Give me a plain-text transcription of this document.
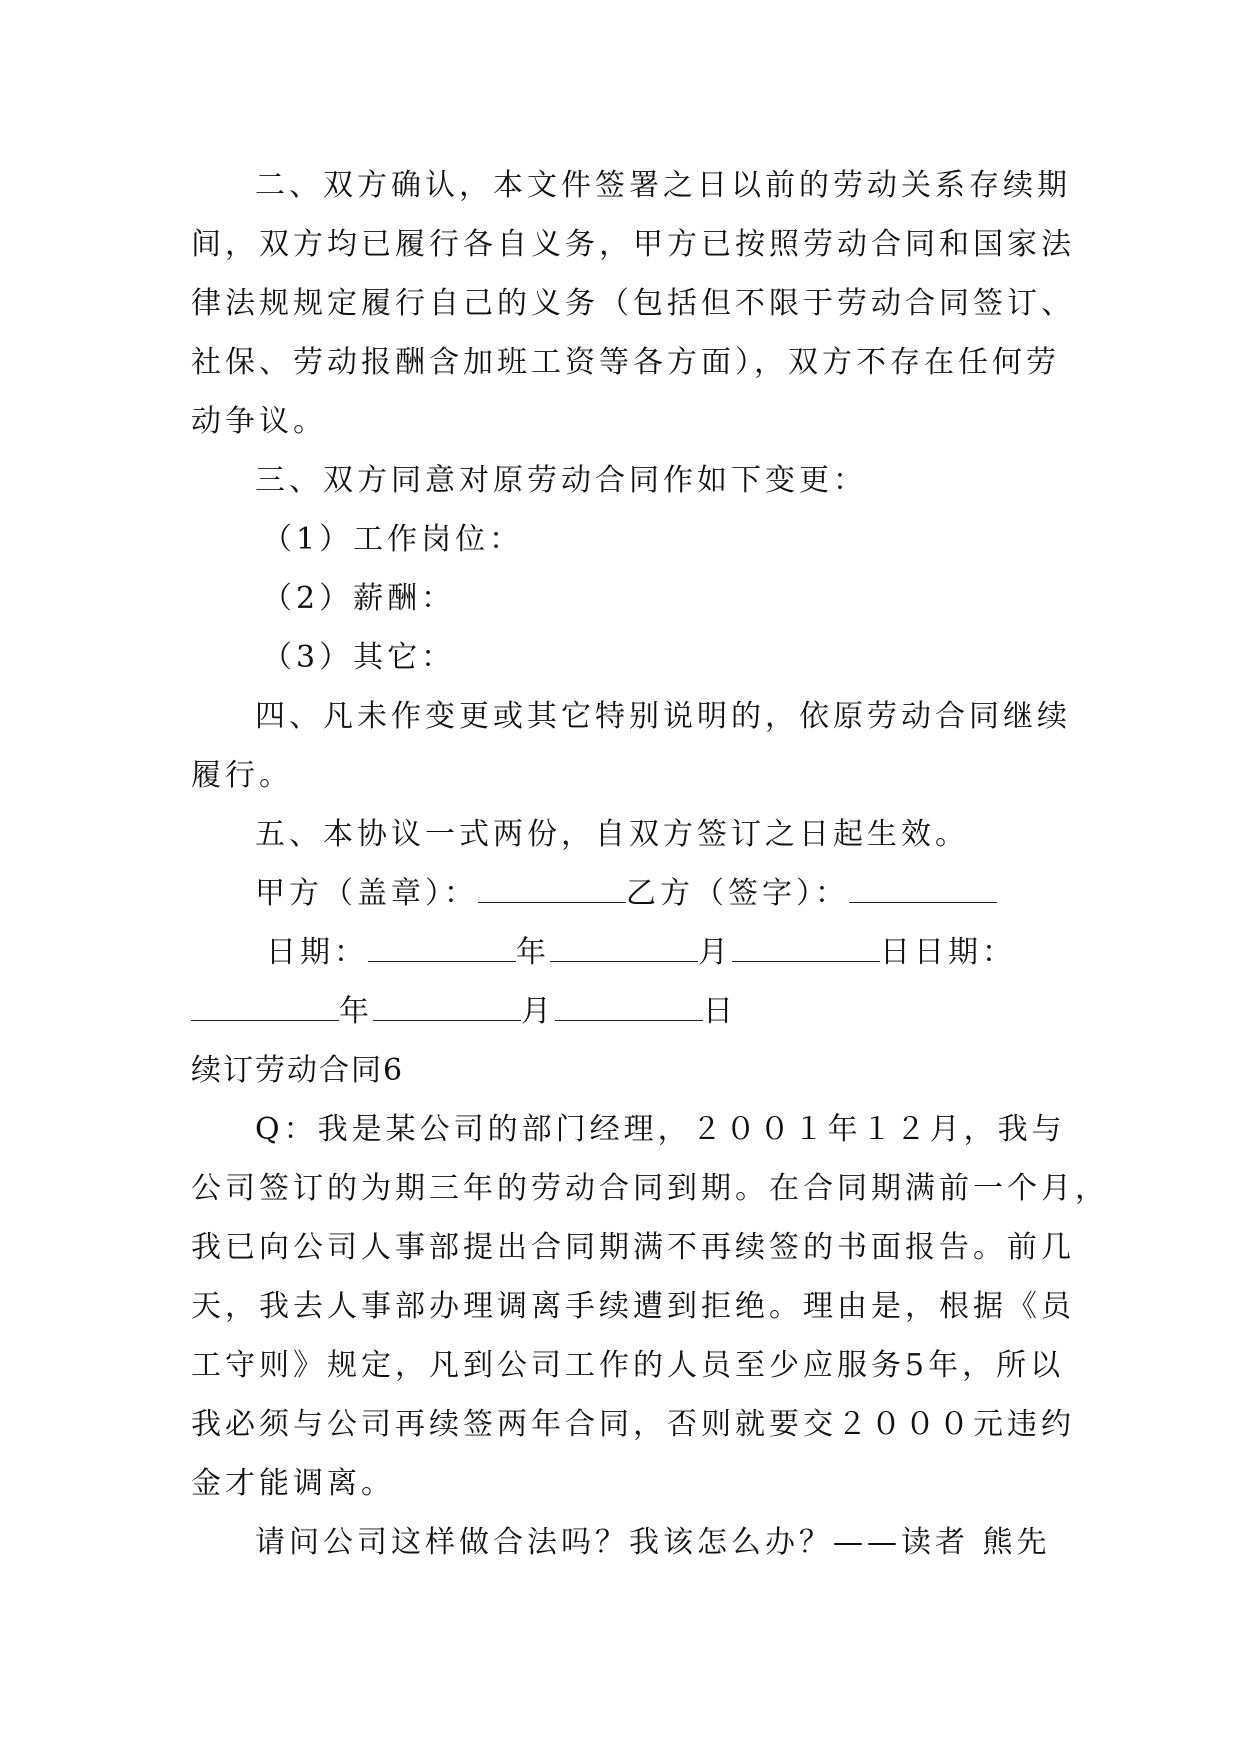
二、双方确认，本文件签署之日以前的劳动关系存续期
间，双方均已履行各自义务，甲方已按照劳动合同和国家法
律法规规定履行自己的义务（包括但不限于劳动合同签订、
社保、劳动报酬含加班工资等各方面），双方不存在任何劳
动争议。
三、双方同意对原劳动合同作如下变更：
（1）工作岗位：
（2）薪酬：
（3）其它：
四、凡未作变更或其它特别说明的，依原劳动合同继续
履行。
五、本协议一式两份，自双方签订之日起生效。
甲方（盖章）：	乙方（签字）：
日期：	年	月	日日期：
年	月	日
续订劳动合同6
Q：我是某公司的部门经理，２００１年１２月，我与
公司签订的为期三年的劳动合同到期。在合同期满前一个月，
我已向公司人事部提出合同期满不再续签的书面报告。前几
天，我去人事部办理调离手续遭到拒绝。理由是，根据《员
工守则》规定，凡到公司工作的人员至少应服务5年，所以
我必须与公司再续签两年合同，否则就要交２０００元违约
金才能调离。
请问公司这样做合法吗？我该怎么办？——读者 熊先
